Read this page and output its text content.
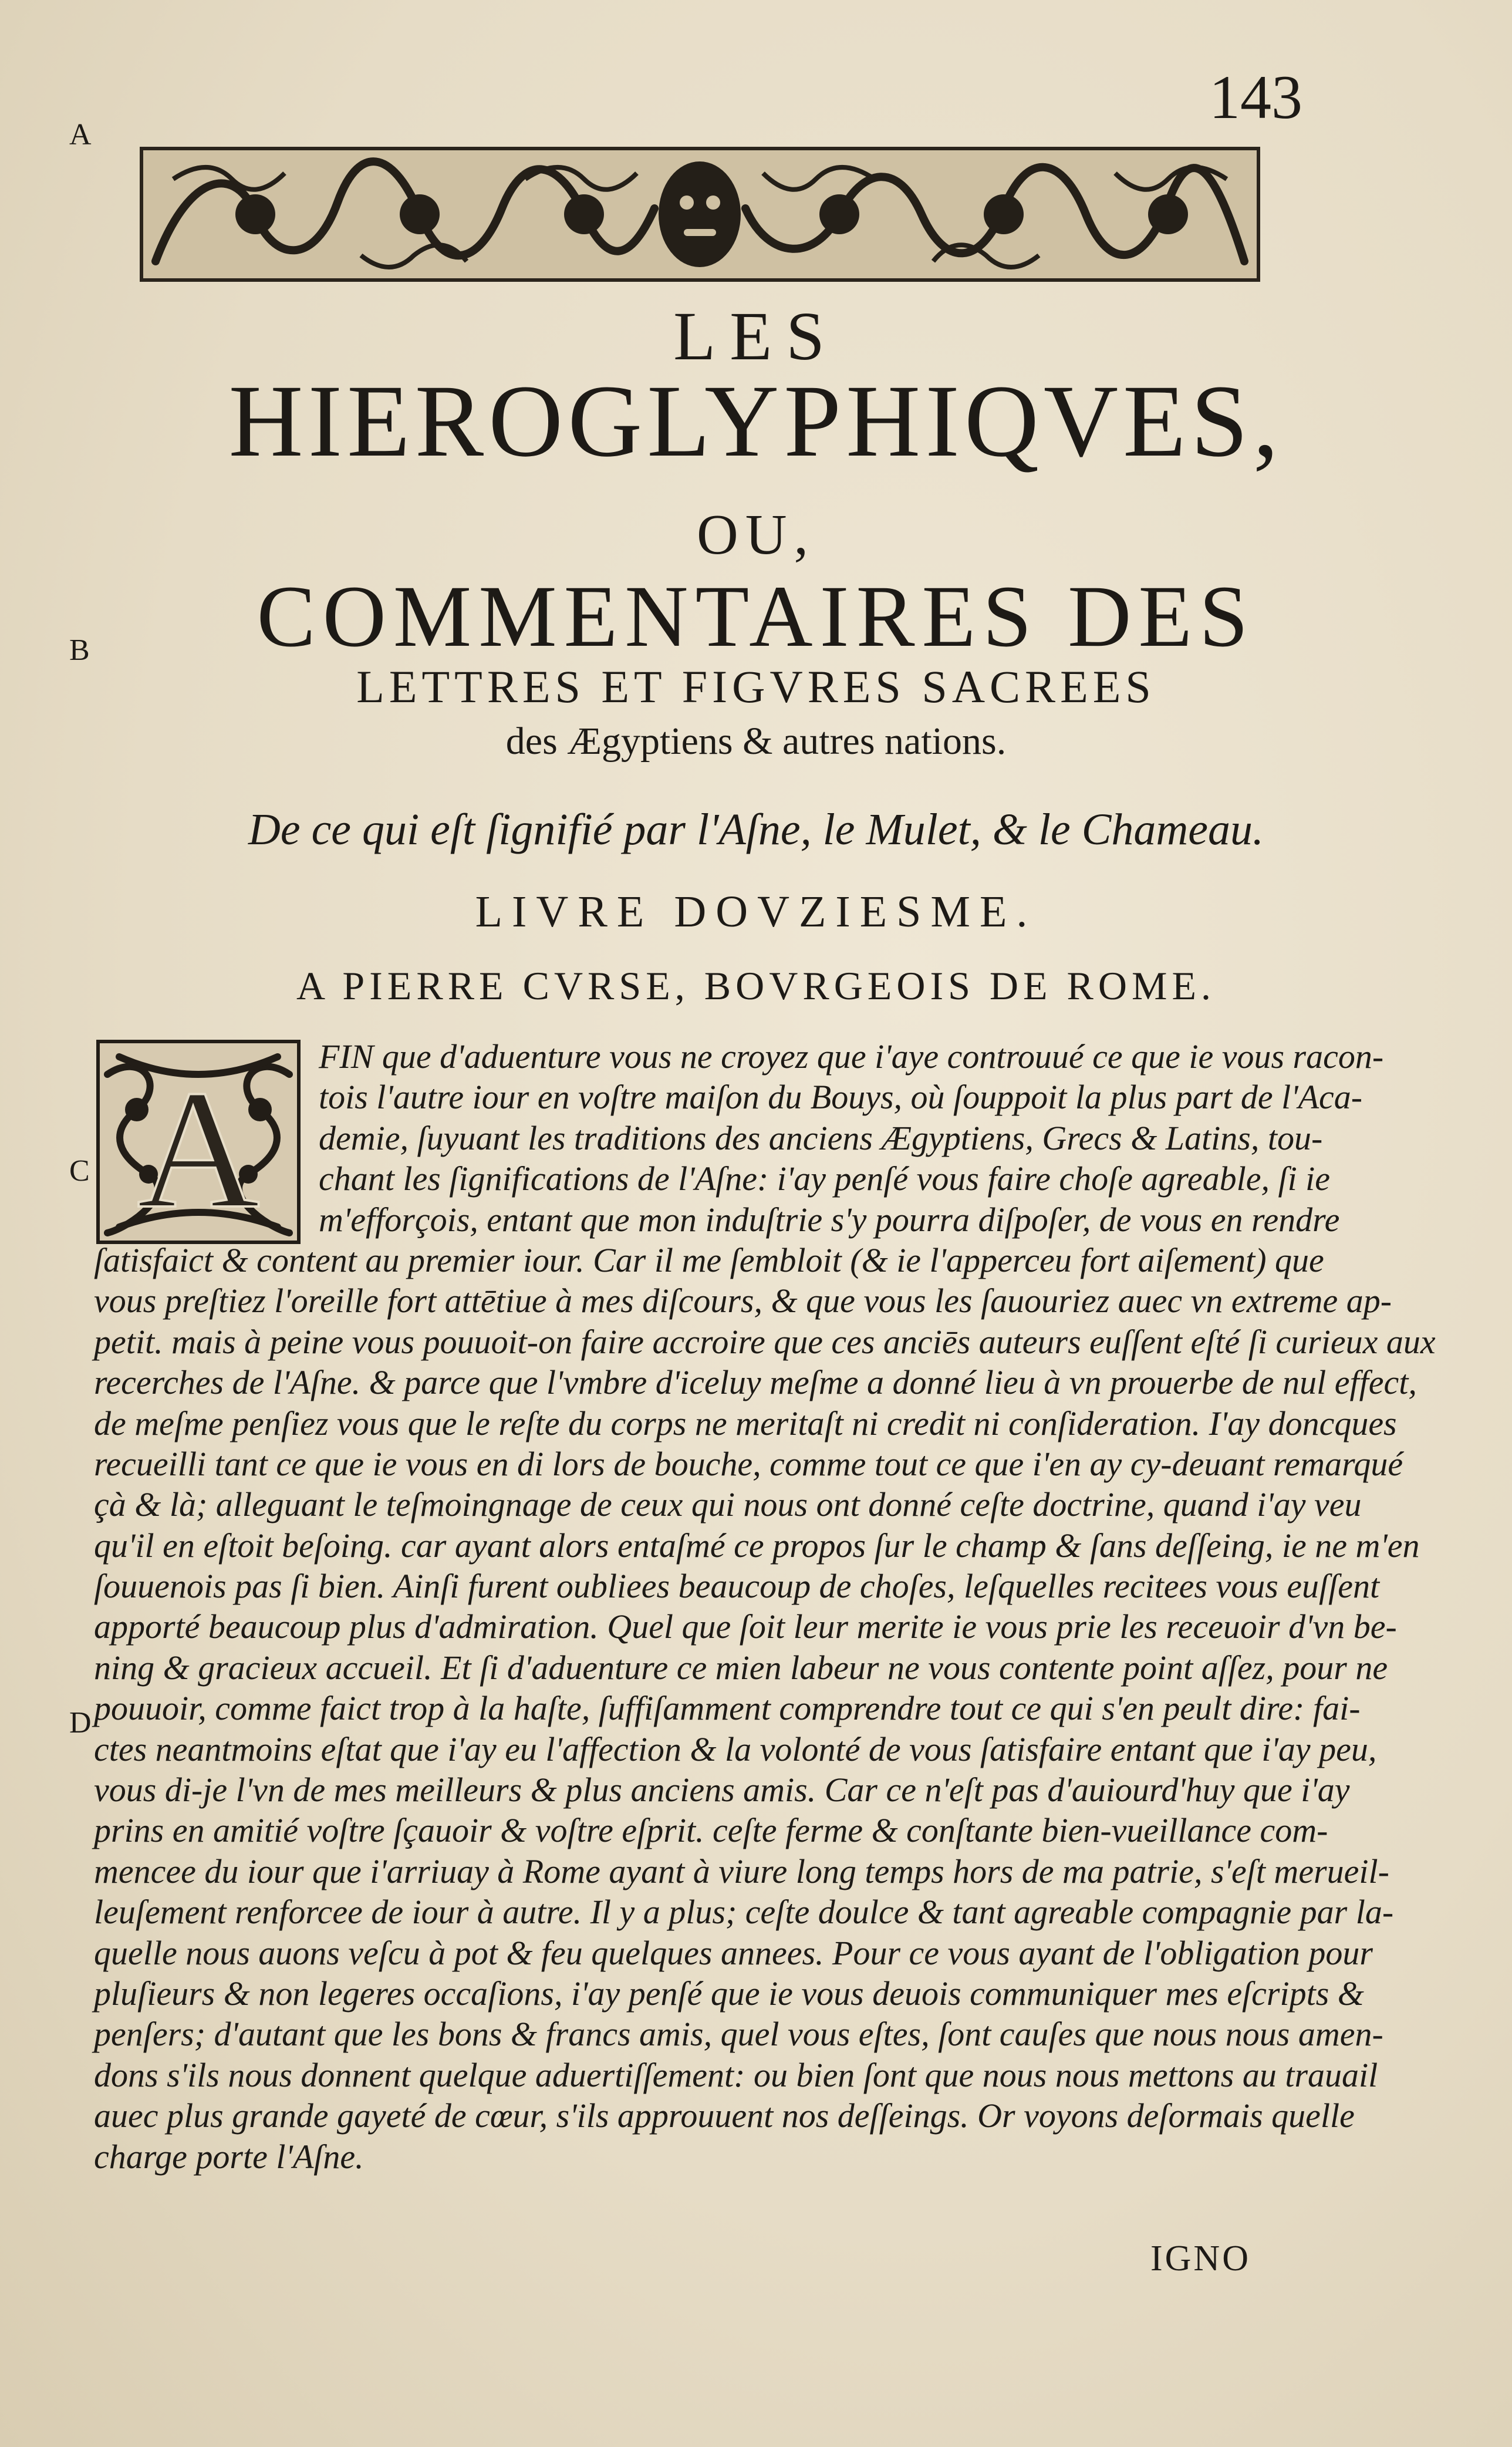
143
A
B
C
D
LES
HIEROGLYPHIQVES,
OU,
COMMENTAIRES DES
LETTRES ET FIGVRES SACREES
des Ægyptiens & autres nations.
De ce qui eſt ſignifié par l'Aſne, le Mulet, & le Chameau.
LIVRE DOVZIESME.
A PIERRE CVRSE, BOVRGEOIS DE ROME.
A	FIN que d'aduenture vous ne croyez que i'aye controuué ce que ie vous racon-
tois l'autre iour en voſtre maiſon du Bouys, où ſouppoit la plus part de l'Aca-
demie, ſuyuant les traditions des anciens Ægyptiens, Grecs & Latins, tou-
chant les ſignifications de l'Aſne: i'ay penſé vous faire choſe agreable, ſi ie
m'efforçois, entant que mon induſtrie s'y pourra diſpoſer, de vous en rendre
ſatisfaict & content au premier iour. Car il me ſembloit (& ie l'apperceu fort aiſement) que
vous preſtiez l'oreille fort attētiue à mes diſcours, & que vous les ſauouriez auec vn extreme ap-
petit. mais à peine vous pouuoit-on faire accroire que ces anciēs auteurs euſſent eſté ſi curieux aux
recerches de l'Aſne. & parce que l'vmbre d'iceluy meſme a donné lieu à vn prouerbe de nul effect,
de meſme penſiez vous que le reſte du corps ne meritaſt ni credit ni conſideration. I'ay doncques
recueilli tant ce que ie vous en di lors de bouche, comme tout ce que i'en ay cy-deuant remarqué
çà & là; alleguant le teſmoingnage de ceux qui nous ont donné ceſte doctrine, quand i'ay veu
qu'il en eſtoit beſoing. car ayant alors entaſmé ce propos ſur le champ & ſans deſſeing, ie ne m'en
ſouuenois pas ſi bien. Ainſi furent oubliees beaucoup de choſes, leſquelles recitees vous euſſent
apporté beaucoup plus d'admiration. Quel que ſoit leur merite ie vous prie les receuoir d'vn be-
ning & gracieux accueil. Et ſi d'aduenture ce mien labeur ne vous contente point aſſez, pour ne
pouuoir, comme faict trop à la haſte, ſuffiſamment comprendre tout ce qui s'en peult dire: fai-
ctes neantmoins eſtat que i'ay eu l'affection & la volonté de vous ſatisfaire entant que i'ay peu,
vous di-je l'vn de mes meilleurs & plus anciens amis. Car ce n'eſt pas d'auiourd'huy que i'ay
prins en amitié voſtre ſçauoir & voſtre eſprit. ceſte ferme & conſtante bien-vueillance com-
mencee du iour que i'arriuay à Rome ayant à viure long temps hors de ma patrie, s'eſt merueil-
leuſement renforcee de iour à autre. Il y a plus; ceſte doulce & tant agreable compagnie par la-
quelle nous auons veſcu à pot & feu quelques annees. Pour ce vous ayant de l'obligation pour
pluſieurs & non legeres occaſions, i'ay penſé que ie vous deuois communiquer mes eſcripts &
penſers; d'autant que les bons & francs amis, quel vous eſtes, ſont cauſes que nous nous amen-
dons s'ils nous donnent quelque aduertiſſement: ou bien ſont que nous nous mettons au trauail
auec plus grande gayeté de cœur, s'ils approuuent nos deſſeings. Or voyons deſormais quelle
charge porte l'Aſne.
IGNO
